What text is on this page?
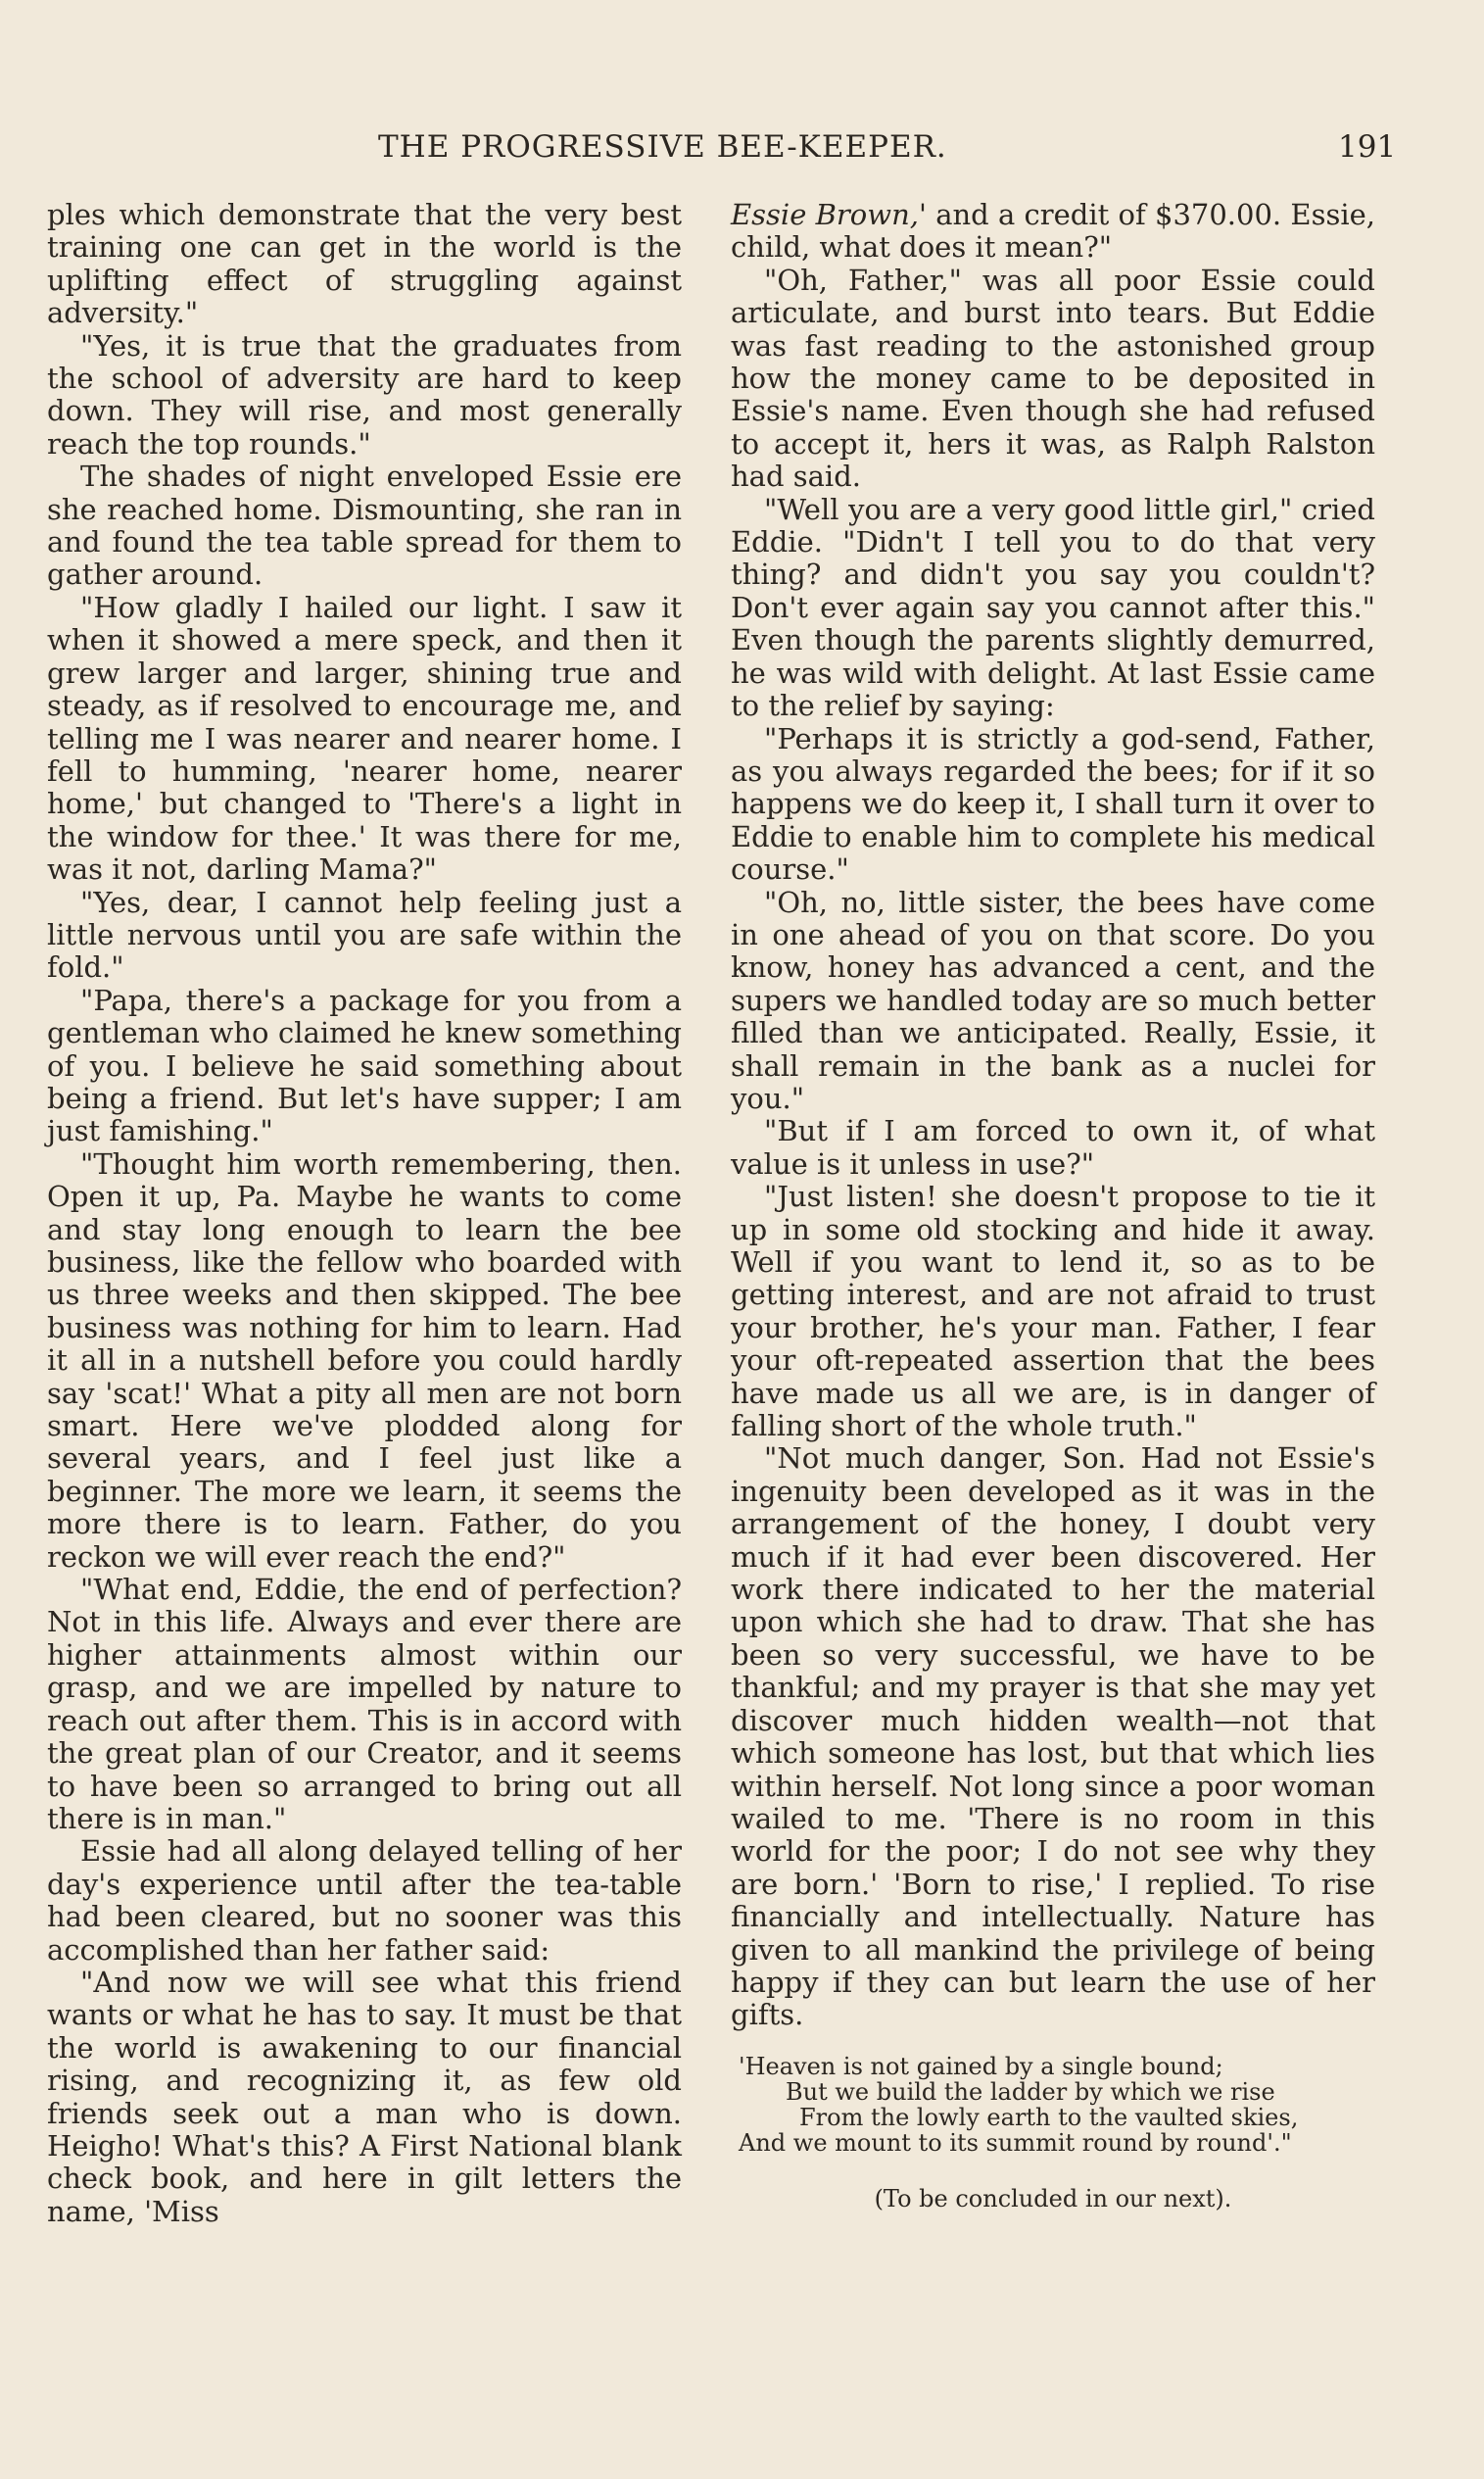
THE PROGRESSIVE BEE-KEEPER.	191

ples which demonstrate that the very best training one can get in the world is the uplifting effect of struggling against adversity."

"Yes, it is true that the graduates from the school of adversity are hard to keep down. They will rise, and most generally reach the top rounds."

The shades of night enveloped Essie ere she reached home. Dismounting, she ran in and found the tea table spread for them to gather around.

"How gladly I hailed our light. I saw it when it showed a mere speck, and then it grew larger and larger, shining true and steady, as if resolved to encourage me, and telling me I was nearer and nearer home. I fell to humming, 'nearer home, nearer home,' but changed to 'There's a light in the window for thee.' It was there for me, was it not, darling Mama?"

"Yes, dear, I cannot help feeling just a little nervous until you are safe within the fold."

"Papa, there's a package for you from a gentleman who claimed he knew something of you. I believe he said something about being a friend. But let's have supper; I am just famishing."

"Thought him worth remembering, then. Open it up, Pa. Maybe he wants to come and stay long enough to learn the bee business, like the fellow who boarded with us three weeks and then skipped. The bee business was nothing for him to learn. Had it all in a nutshell before you could hardly say 'scat!' What a pity all men are not born smart. Here we've plodded along for several years, and I feel just like a beginner. The more we learn, it seems the more there is to learn. Father, do you reckon we will ever reach the end?"

"What end, Eddie, the end of perfection? Not in this life. Always and ever there are higher attainments almost within our grasp, and we are impelled by nature to reach out after them. This is in accord with the great plan of our Creator, and it seems to have been so arranged to bring out all there is in man."

Essie had all along delayed telling of her day's experience until after the tea-table had been cleared, but no sooner was this accomplished than her father said:

"And now we will see what this friend wants or what he has to say. It must be that the world is awakening to our financial rising, and recognizing it, as few old friends seek out a man who is down. Heigho! What's this? A First National blank check book, and here in gilt letters the name, 'Miss

Essie Brown,' and a credit of $370.00. Essie, child, what does it mean?"

"Oh, Father," was all poor Essie could articulate, and burst into tears. But Eddie was fast reading to the astonished group how the money came to be deposited in Essie's name. Even though she had refused to accept it, hers it was, as Ralph Ralston had said.

"Well you are a very good little girl," cried Eddie. "Didn't I tell you to do that very thing? and didn't you say you couldn't? Don't ever again say you cannot after this." Even though the parents slightly demurred, he was wild with delight. At last Essie came to the relief by saying:

"Perhaps it is strictly a god-send, Father, as you always regarded the bees; for if it so happens we do keep it, I shall turn it over to Eddie to enable him to complete his medical course."

"Oh, no, little sister, the bees have come in one ahead of you on that score. Do you know, honey has advanced a cent, and the supers we handled today are so much better filled than we anticipated. Really, Essie, it shall remain in the bank as a nuclei for you."

"But if I am forced to own it, of what value is it unless in use?"

"Just listen! she doesn't propose to tie it up in some old stocking and hide it away. Well if you want to lend it, so as to be getting interest, and are not afraid to trust your brother, he's your man. Father, I fear your oft-repeated assertion that the bees have made us all we are, is in danger of falling short of the whole truth."

"Not much danger, Son. Had not Essie's ingenuity been developed as it was in the arrangement of the honey, I doubt very much if it had ever been discovered. Her work there indicated to her the material upon which she had to draw. That she has been so very successful, we have to be thankful; and my prayer is that she may yet discover much hidden wealth—not that which someone has lost, but that which lies within herself. Not long since a poor woman wailed to me. 'There is no room in this world for the poor; I do not see why they are born.' 'Born to rise,' I replied. To rise financially and intellectually. Nature has given to all mankind the privilege of being happy if they can but learn the use of her gifts.

'Heaven is not gained by a single bound;
But we build the ladder by which we rise
From the lowly earth to the vaulted skies,
And we mount to its summit round by round'."
(To be concluded in our next).
